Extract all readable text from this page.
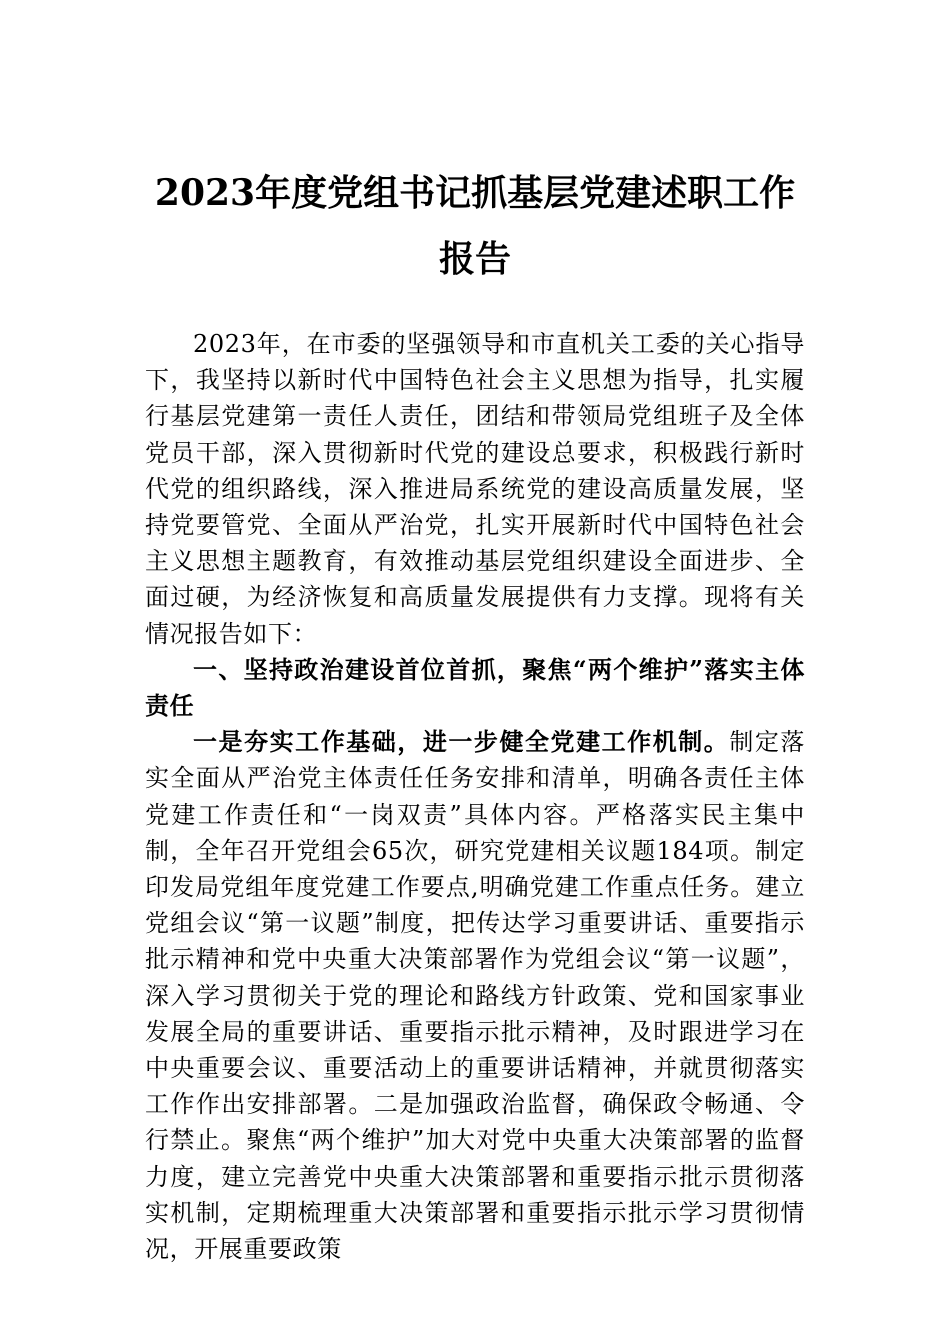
2023年度党组书记抓基层党建述职工作报告

2023年，在市委的坚强领导和市直机关工委的关心指导下，我坚持以新时代中国特色社会主义思想为指导，扎实履行基层党建第一责任人责任，团结和带领局党组班子及全体党员干部，深入贯彻新时代党的建设总要求，积极践行新时代党的组织路线，深入推进局系统党的建设高质量发展，坚持党要管党、全面从严治党，扎实开展新时代中国特色社会主义思想主题教育，有效推动基层党组织建设全面进步、全面过硬，为经济恢复和高质量发展提供有力支撑。现将有关情况报告如下：

一、坚持政治建设首位首抓，聚焦“两个维护”落实主体责任

一是夯实工作基础，进一步健全党建工作机制。制定落实全面从严治党主体责任任务安排和清单，明确各责任主体党建工作责任和“一岗双责”具体内容。严格落实民主集中制，全年召开党组会65次，研究党建相关议题184项。制定印发局党组年度党建工作要点,明确党建工作重点任务。建立党组会议“第一议题”制度，把传达学习重要讲话、重要指示批示精神和党中央重大决策部署作为党组会议“第一议题”，深入学习贯彻关于党的理论和路线方针政策、党和国家事业发展全局的重要讲话、重要指示批示精神，及时跟进学习在中央重要会议、重要活动上的重要讲话精神，并就贯彻落实工作作出安排部署。二是加强政治监督，确保政令畅通、令行禁止。聚焦“两个维护”加大对党中央重大决策部署的监督力度，建立完善党中央重大决策部署和重要指示批示贯彻落实机制，定期梳理重大决策部署和重要指示批示学习贯彻情况，开展重要政策
